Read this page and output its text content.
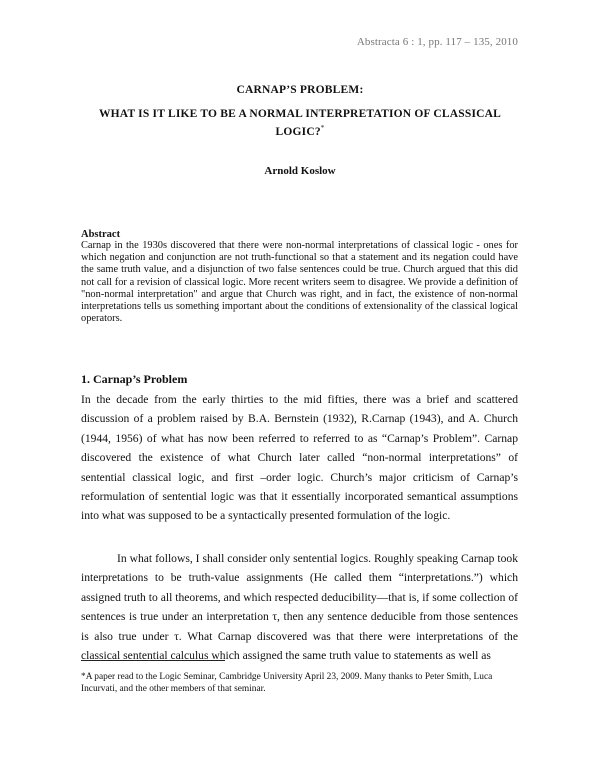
Abstracta 6 : 1, pp. 117 – 135, 2010
CARNAP’S PROBLEM:
WHAT IS IT LIKE TO BE A NORMAL INTERPRETATION OF CLASSICAL
LOGIC?*
Arnold Koslow
Abstract
Carnap in the 1930s discovered that there were non-normal interpretations of classical logic - ones for which negation and conjunction are not truth-functional so that a statement and its negation could have the same truth value, and a disjunction of two false sentences could be true. Church argued that this did not call for a revision of classical logic. More recent writers seem to disagree. We provide a definition of "non-normal interpretation" and argue that Church was right, and in fact, the existence of non-normal interpretations tells us something important about the conditions of extensionality of the classical logical operators.
1. Carnap’s Problem

In the decade from the early thirties to the mid fifties, there was a brief and scattered discussion of a problem raised by B.A. Bernstein (1932), R.Carnap (1943), and A. Church (1944, 1956) of what has now been referred to referred to as “Carnap’s Problem”. Carnap discovered the existence of what Church later called “non-normal interpretations” of sentential classical logic, and first –order logic. Church’s major criticism of Carnap’s reformulation of sentential logic was that it essentially incorporated semantical assumptions into what was supposed to be a syntactically presented formulation of the logic.

In what follows, I shall consider only sentential logics. Roughly speaking Carnap took interpretations to be truth-value assignments (He called them “interpretations.”) which assigned truth to all theorems, and which respected deducibility—that is, if some collection of sentences is true under an interpretation τ, then any sentence deducible from those sentences is also true under τ. What Carnap discovered was that there were interpretations of the classical sentential calculus which assigned the same truth value to statements as well as

*A paper read to the Logic Seminar, Cambridge University April 23, 2009. Many thanks to Peter Smith, Luca Incurvati, and the other members of that seminar.
